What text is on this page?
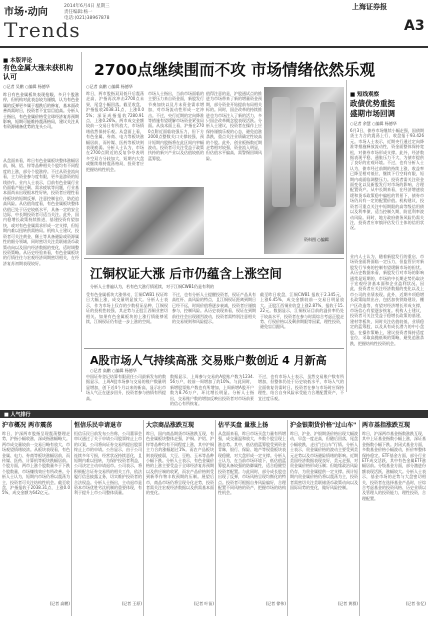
市场·动向
Trends
2014年6月4日 星期三
责任编辑:杨一
电话:(021)38967878
上海证券报
A3
■ 本版评论
有色金属大涨未获机构认可
○记者 吴鹏 ○编辑 杨德华
昨日有色金属板块表现抢眼，多只个股涨停，但机构对此表态较为谨慎，认为有色金属的反弹更多属于超跌后的修复，基本面改善尚需时日，投资者不宜盲目追高。分析人士指出，有色金属价格受全球经济复苏预期影响，短期可能维持震荡格局，建议关注具有资源储备优势的龙头公司。
从盘面来看，昨日有色金属板块整体涨幅居前，铜、铝、锌等品种相关个股均有不同程度的上涨，部分个股涨停。不过从资金流向看，主力资金参与度有限，更多是游资的短线炒作。业内人士表示，目前有色金属行业仍面临产能过剩、需求疲软等问题，行业基本面尚未出现根本性好转，投资者应理性看待板块的短期反弹，注意控制仓位，防范追高风险。从估值角度看，有色金属板块整体估值已处于历史较低水平，具备一定的安全边际，中长期投资者可适当关注。此外，国内稳增长政策持续推进，基建投资有望加快，或对有色金属需求形成一定支撑，但短期内难以扭转供需格局。机构人士建议，投资者可关注黄金、稀土等具备避险或资源属性的细分领域，同时密切关注美联储货币政策动向以及国内经济数据的变化，适时调整投资策略。从历史经验来看，有色金属板块的行情往往与宏观经济周期密切相关，在经济复苏初期表现较好。
2700点继续围而不攻 市场情绪依然乐观
○记者 高鹏 ○编辑 杨德华
昨日，两市股指双双低开后震荡走高，沪指再次冲击2700点未果，尾盘小幅回落。截至收盘，沪指报收2038.31点，上涨0.05%；深证成指报收7280.91点，上涨0.26%。两市成交金额较前一交易日有所放大，市场情绪依然保持乐观。从盘面上看，有色金属、券商、电力等板块涨幅居前，而传媒、医药等板块则表现疲弱。分析人士认为，市场在2700点附近的反复争夺表明多空双方分歧加大，短期内大盘或继续维持震荡格局，投资者应把握结构性机会。
市场人士指出，当前市场面临的主要压力来自资金面，新股发行节奏加快以及月末资金需求增加，对市场流动性形成一定冲击。不过，央行近期的定向降准等措施有望缓解市场资金紧张局面。从技术面上看，沪指在2700点附近面临较强压力，但下方2000点整数关口支撑较强，预计短期内股指将在此区间内窄幅波动。投资者可关注受益于政策扶持的新兴产业以及估值较低的蓝筹股。
值得注意的是，沪股通试点的推进为市场带来了新的增量资金预期，部分资金开始提前布局相关标的。同时，国企改革的持续推进也为市场注入了新的活力，多只国企改革概念股表现活跃。分析人士建议，投资者在操作上应保持谨慎乐观的心态，避免追涨杀跌，重点关注业绩确定性较高的个股。此外，创业板指数近期走势相对较强，资金流入明显，但估值水平偏高，需警惕回调风险。
资料图 ○编辑
■ 短线观察
政债优势重挺
盛期市场回调
○记者 余慧 ○编辑 杨德华
6月3日，债券市场继续小幅走强，国债期货主力合约震荡上行，收盘报于93.426元。市场人士表示，近期央行通过定向降准等措施释放流动性，资金面整体保持宽松，对债券市场形成支撑。此外，经济数据表现平稳，通胀压力不大，为债市提供了良好的宏观环境。不过，也有分析人士认为，债市经过前期的持续上涨，收益率已降至相对低位，继续下行空间有限，短期内或面临调整压力。投资者需关注资金面变化以及新股发行对市场的影响，合理配置资产。从中长期来看，在经济增速放缓和货币政策稳中偏松的背景下，债券市场仍具有一定的配置价值。机构建议，投资者可重点关注中短期限的高等级信用债以及利率债，适当控制久期，防范利率波动风险。同时，地方政府债务风险仍需关注，投资者应审慎评估发行主体的信用状况。
业内人士认为，随着新股发行的重启，市场资金面将面临一定压力，但监管层对新股发行节奏的控制有望缓解市场的担忧。从历史数据来看，新股发行对市场的影响通常是短期的，市场的中长期走势仍取决于宏观经济基本面和企业盈利状况。因此，投资者应关注经济数据的变化以及上市公司的业绩表现。此外，近期多项稳增长政策陆续出台，包括加快铁路建设、棚户区改造等，有望对经济增长形成支撑，市场信心有望逐步恢复。机构人士建议，投资者可关注受益于稳增长政策的基建、建材等板块，同时关注估值较低、业绩稳定的蓝筹股，以及具有成长潜力的中小盘股。在操作策略上，建议投资者保持适度仓位，采取高抛低吸的策略，避免追涨杀跌，把握结构性投资机会。
江铜权证大涨 后市仍蕴含上涨空间
分析人士普遍认为，若有色大涨行情延续，对于江铜CWB1仍是有利的
受有色金属板块大涨带动，江铜CWB1 权证昨日大幅上涨，成交量明显放大。分析人士表示，作为市场上仅存的少数权证品种，江铜权证的投机性较强，其走势与正股江西铜业密切相关。如果有色金属板块的上涨行情能够延续，江铜权证仍有进一步上涨的空间。
不过，也有分析人士提醒投资者，权证产品具有高杠杆、高风险的特点，且江铜权证距离到期日已经不远，时间价值将逐步衰减，投资者应谨慎参与，控制风险。从历史表现来看，权证在到期前往往会出现剧烈波动，投资者需特别注意相关的交易规则和风险提示。
截至昨日收盘，江铜CWB1 报收于2.345元，上涨6.45%，成交金额较前一交易日明显放大。正股江西铜业收盘上涨2.87%，报收于15.22元。数据显示，江铜权证目前的溢价率仍处于较高水平，投资者在参与时需综合考虑正股走势、行权价格以及剩余期限等因素，理性投资，避免盲目跟风。
A股市场人气持续高涨 交易账户数创近 4 月新高
○记者 高鹏 ○编辑 杨德华
中国证券登记结算有限责任公司最新发布的数据显示，上周A股市场参与交易的账户数量明显增加，创下近4个月以来的新高，显示出市场人气正在逐步回升，投资者参与热情有所提高。
数据显示，上周参与交易的A股账户数为1234.56万户，较前一周增加了约10%。与此同时，新增股票账户数也有所增加，上周新增A股开户数为8.76万户，环比增长明显。分析人士指出，交易账户数的增加反映出投资者对市场前景的信心有所恢复。
不过，也有市场人士表示，虽然交易账户数有所增加，但整体仍处于历史较低水平，市场人气的全面恢复仍需时日。投资者在参与市场时应保持理性，结合自身风险承受能力合理配置资产，不宜过度乐观。
■ 人气排行
沪市概况 两市震荡
昨日，沪深两市股指呈现震荡整理走势，沪指小幅收涨，深成指涨幅略大。两市成交量较前一交易日略有放大，市场观望情绪较浓。从板块表现看，有色金属、电力、券商等板块涨幅居前，而传媒、医药、计算机等板块跌幅居前。个股方面，两市上涨个股数量多于下跌个股数量，市场赚钱效应有所改善。分析人士认为，短期内市场仍将以震荡为主，投资者可关注结构性机会。截至收盘，沪指报收于2038.31点，上涨0.05%，成交金额为642亿元。
(记者 高鹏)
恒信乐民申请退市
恒信乐民日前发布公告称，公司董事会审议通过了关于申请公司股票终止上市的议案，公司将向证券交易所提出股票终止上市的申请。公告显示，由于公司连续多年亏损，经营状况持续恶化，且短期内难以扭转，为保护投资者利益，公司决定主动申请退市。公司表示，将积极配合证券交易所的相关工作，依法履行信息披露义务，切实维护投资者的合法权益。分析人士指出，主动退市是资本市场优胜劣汰机制的重要体现，有利于提升上市公司整体质量。
(记者 王原)
大宗商品涨跌互现
昨日，国内商品期货市场涨跌互现，有色金属板块整体走强，沪铜、沪铝、沪锌等品种均有不同程度上涨，其中沪铜主力合约涨幅超过1%。而农产品板块则表现疲弱，大豆、豆粕、玉米等品种小幅下跌。分析人士表示，有色金属价格的上涨主要受益于全球经济复苏预期以及供应端的收紧，而农产品价格则受到新季作物丰收预期的压制。展望后市，商品市场仍将呈现分化走势，投资者需关注宏观经济数据以及供需基本面的变化。
(记者 叶苗)
估平买盘 量涨上扬
从盘面来看，昨日市场买盘力量有所增强，成交量温和放大，多数个股呈现上涨态势。其中，低估值蓝筹股受到资金青睐，银行、保险、地产等权重板块表现稳健，对大盘形成一定支撑。分析人士认为，在当前市场环境下，低估值蓝筹股具备较强的防御属性，适合稳健型投资者配置。与此同时，部分成长股也出现了反弹，市场风格呈现均衡化的特点。投资者可根据自身风险偏好，合理配置不同风格的资产，把握市场的结构性机会。
(记者 徐伟)
沪金银期货价格"过山车"
昨日，沪金、沪银期货价格出现大幅波动，早盘一度走高，但随后回落，尾盘小幅收跌，走出"过山车"行情。分析人士表示，贵金属价格的波动主要受到美元走势以及市场避险情绪的影响。近期美国经济数据表现良好，美元走强，对贵金属价格形成压制；但地缘政治风险仍存，为贵金属提供一定支撑。预计短期内贵金属价格仍将以震荡为主，投资者需密切关注美联储货币政策动向以及国际局势的变化，做好风险控制。
(记者 黄群)
两市基指涨跌互现
昨日，沪深两市基金指数涨跌互现，其中上证基金指数小幅上涨，深证基金指数小幅下跌。封闭式基金方面，多数基金价格小幅波动，折价率整体保持稳定。ETF基金方面，部分行业ETF成交活跃，其中有色金属ETF涨幅居前。分级基金方面，部分激进份额表现活跃，涨幅较大。分析人士表示，基金市场的走势与大盘密切相关，投资者在选择基金产品时，应综合考虑基金的投资风格、历史业绩以及管理人的投资能力，理性投资，合理配置。
(记者 张忆)
